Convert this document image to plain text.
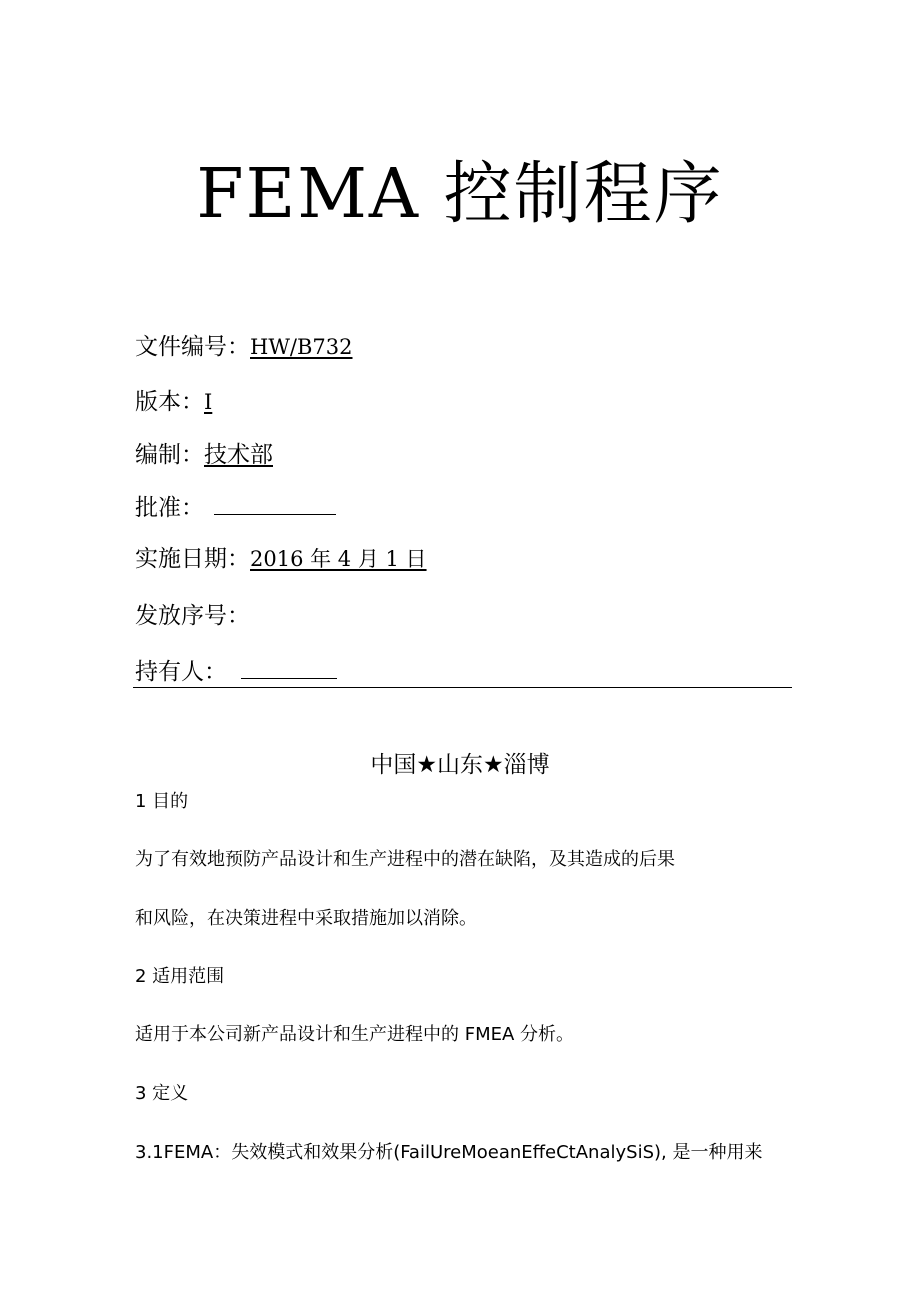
FEMA 控制程序
文件编号：HW/B732
版本：I
编制：技术部
批准：
实施日期：2016 年 4 月 1 日
发放序号：
持有人：
中国★山东★淄博
1 目的
为了有效地预防产品设计和生产进程中的潜在缺陷，及其造成的后果
和风险，在决策进程中采取措施加以消除。
2 适用范围
适用于本公司新产品设计和生产进程中的 FMEA 分析。
3 定义
3.1FEMA：失效模式和效果分析(FailUreMoeanEffeCtAnalySiS), 是一种用来
